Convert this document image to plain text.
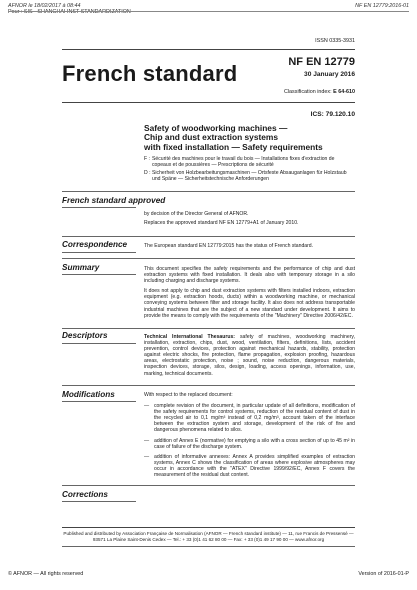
AFNOR le 18/02/2017 à 08:44
Pour : SIS - SHANGHAI INST STANDARDIZATION
NF EN 12779:2016-01
ISSN 0335-3931
French standard	NF EN 12779
30 January 2016
Classification index: E 64-610
ICS: 79.120.10
Safety of woodworking machines —
Chip and dust extraction systems
with fixed installation — Safety requirements
F : Sécurité des machines pour le travail du bois — Installations fixes d'extraction de copeaux et de poussières — Prescriptions de sécurité
D :Sicherheit von Holzbearbeitungsmaschinen — Ortsfeste Absauganlagen für Holzstaub und Späne — Sicherheitstechnische Anforderungen
French standard approved
by decision of the Director General of AFNOR.
Replaces the approved standard NF EN 12779+A1 of January 2010.
Correspondence	The European standard EN 12779:2015 has the status of French standard.
Summary	This document specifies the safety requirements and the performance of chip and dust extraction systems with fixed installation. It deals also with temporary storage in a silo including charging and discharge systems.

It does not apply to chip and dust extraction systems with filters installed indoors, extraction equipment (e.g. extraction hoods, ducts) within a woodworking machine, or mechanical conveying systems between filter and storage facility. It also does not address transportable industrial machines that are the subject of a new standard under development. It aims to provide the means to comply with the requirements of the "Machinery" Directive 2006/42/EC.

Descriptors	Technical International Thesaurus: safety of machines, woodworking machinery, installation, extraction, chips, dust, wood, ventilation, filters, definitions, lists, accident prevention, control devices, protection against mechanical hazards, stability, protection against electric shocks, fire protection, flame propagation, explosion proofing, hazardous areas, electrostatic protection, noise ; sound, noise reduction, dangerous materials, inspection devices, storage, silos, design, loading, access openings, information, use, marking, technical documents.
Modifications	With respect to the replaced document:

— complete revision of the document, in particular update of all definitions, modification of the safety requirements for control systems, reduction of the residual content of dust in the recycled air to 0,1 mg/m³ instead of 0,2 mg/m³, account taken of the interface between the extraction system and storage, development of the risk of fire and dangerous phenomena related to silos.
— addition of Annex E (normative) for emptying a silo with a cross section of up to 45 m² in case of failure of the discharge system.
— addition of informative annexes: Annex A provides simplified examples of extraction systems, Annex C shows the classification of areas where explosive atmospheres may occur in accordance with the "ATEX" Directive 1999/92/EC, Annex F covers the measurement of the residual dust content.
Corrections
Published and distributed by Association Française de Normalisation (AFNOR — French standard institute) — 11, rue Francis de Pressensé — 93571 La Plaine Saint-Denis Cedex — Tel.: + 33 (0)1 41 62 80 00 — Fax: + 33 (0)1 49 17 90 00 — www.afnor.org
© AFNOR — All rights reserved	Version of 2016-01-P
